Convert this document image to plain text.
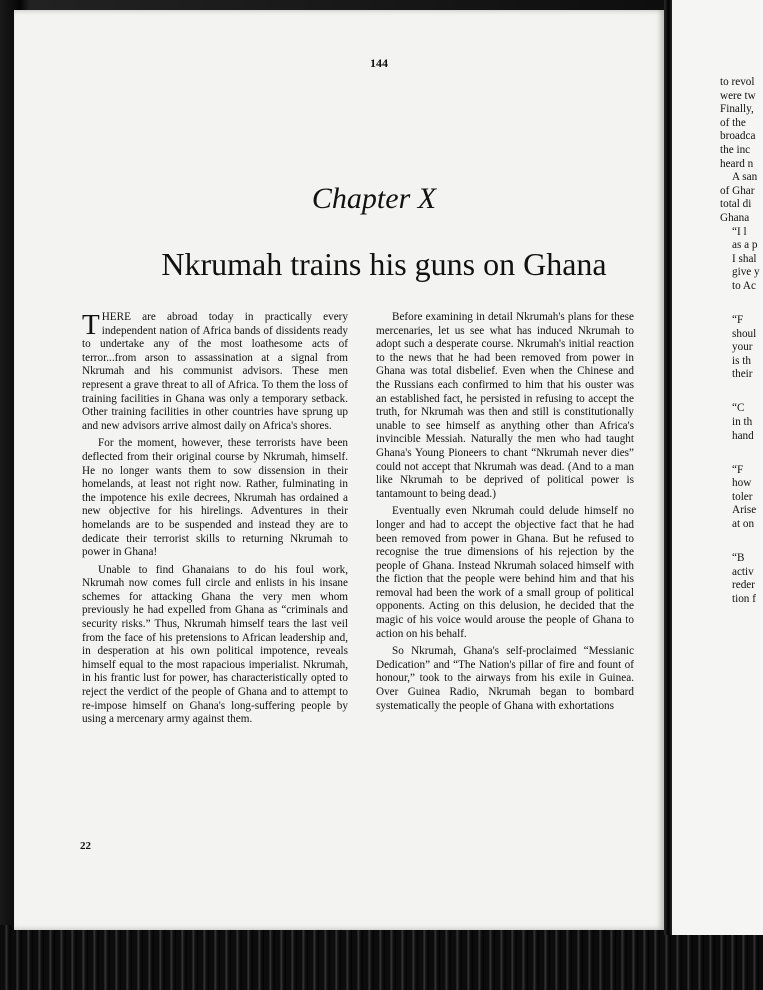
144
Chapter X
Nkrumah trains his guns on Ghana

THERE are abroad today in practically every independent nation of Africa bands of dissidents ready to undertake any of the most loathesome acts of terror...from arson to assassination at a signal from Nkrumah and his communist advisors. These men represent a grave threat to all of Africa. To them the loss of training facilities in Ghana was only a temporary setback. Other training facilities in other countries have sprung up and new advisors arrive almost daily on Africa's shores.

For the moment, however, these terrorists have been deflected from their original course by Nkrumah, himself. He no longer wants them to sow dissension in their homelands, at least not right now. Rather, fulminating in the impotence his exile decrees, Nkrumah has ordained a new objective for his hirelings. Adventures in their homelands are to be suspended and instead they are to dedicate their terrorist skills to returning Nkrumah to power in Ghana!

Unable to find Ghanaians to do his foul work, Nkrumah now comes full circle and enlists in his insane schemes for attacking Ghana the very men whom previously he had expelled from Ghana as “criminals and security risks.” Thus, Nkrumah himself tears the last veil from the face of his pretensions to African leadership and, in desperation at his own political impotence, reveals himself equal to the most rapacious imperialist. Nkrumah, in his frantic lust for power, has characteristically opted to reject the verdict of the people of Ghana and to attempt to re-impose himself on Ghana's long-suffering people by using a mercenary army against them.

Before examining in detail Nkrumah's plans for these mercenaries, let us see what has induced Nkrumah to adopt such a desperate course. Nkrumah's initial reaction to the news that he had been removed from power in Ghana was total disbelief. Even when the Chinese and the Russians each confirmed to him that his ouster was an established fact, he persisted in refusing to accept the truth, for Nkrumah was then and still is constitutionally unable to see himself as anything other than Africa's invincible Messiah. Naturally the men who had taught Ghana's Young Pioneers to chant “Nkrumah never dies” could not accept that Nkrumah was dead. (And to a man like Nkrumah to be deprived of political power is tantamount to being dead.)

Eventually even Nkrumah could delude himself no longer and had to accept the objective fact that he had been removed from power in Ghana. But he refused to recognise the true dimensions of his rejection by the people of Ghana. Instead Nkrumah solaced himself with the fiction that the people were behind him and that his removal had been the work of a small group of political opponents. Acting on this delusion, he decided that the magic of his voice would arouse the people of Ghana to action on his behalf.

So Nkrumah, Ghana's self-proclaimed “Messianic Dedication” and “The Nation's pillar of fire and fount of honour,” took to the airways from his exile in Guinea. Over Guinea Radio, Nkrumah began to bombard systematically the people of Ghana with exhortations

22
to revol
were tw
Finally,
of the
broadca
the inc
heard n
A san
of Ghar
total di
Ghana
“I l
as a p
I shal
give y
to Ac
“F
shoul
your
is th
their
“C
in th
hand
“F
how
toler
Arise
at on
“B
activ
reder
tion f
